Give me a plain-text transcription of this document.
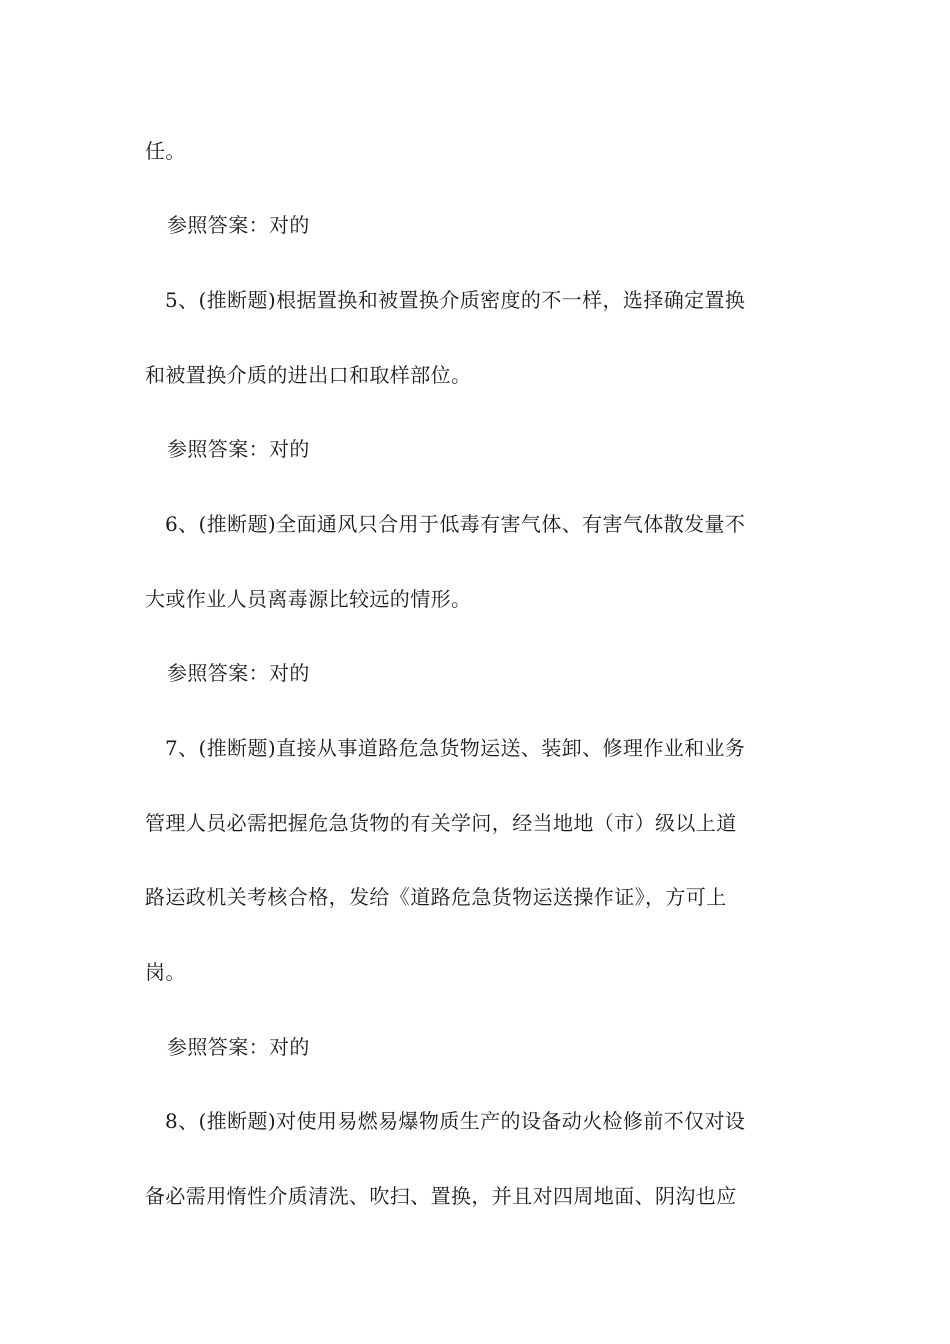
任。
参照答案：对的
5、(推断题)根据置换和被置换介质密度的不一样，选择确定置换
和被置换介质的进出口和取样部位。
参照答案：对的
6、(推断题)全面通风只合用于低毒有害气体、有害气体散发量不
大或作业人员离毒源比较远的情形。
参照答案：对的
7、(推断题)直接从事道路危急货物运送、装卸、修理作业和业务
管理人员必需把握危急货物的有关学问，经当地地（市）级以上道
路运政机关考核合格，发给《道路危急货物运送操作证》，方可上
岗。
参照答案：对的
8、(推断题)对使用易燃易爆物质生产的设备动火检修前不仅对设
备必需用惰性介质清洗、吹扫、置换，并且对四周地面、阴沟也应
